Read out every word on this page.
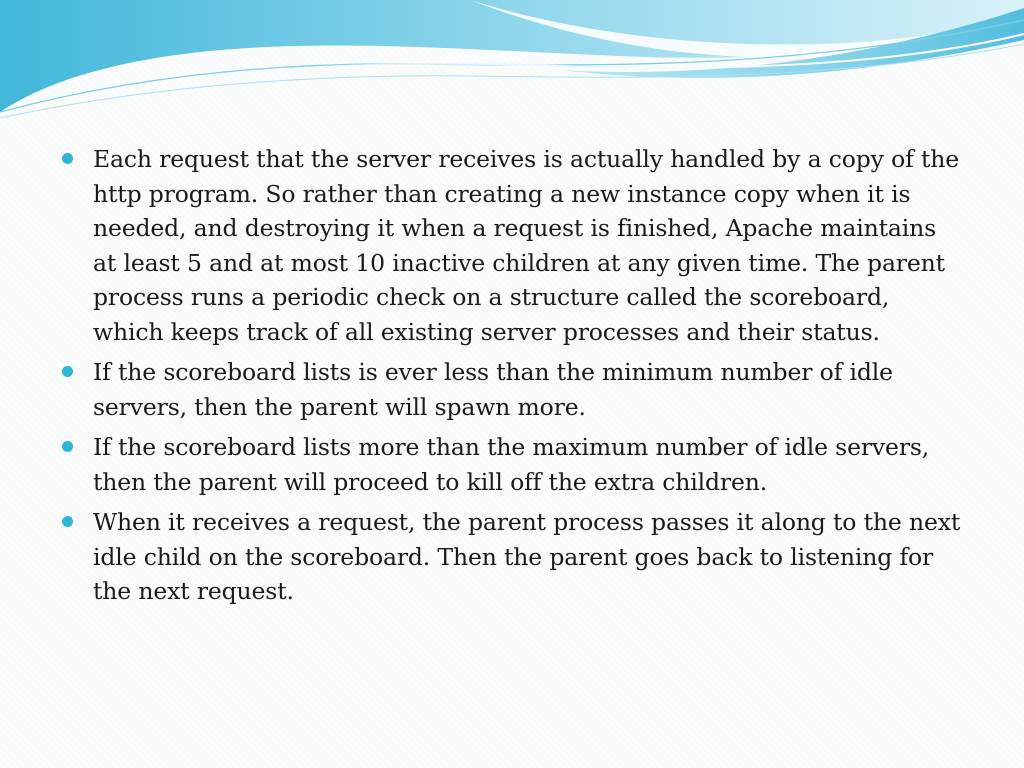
Each request that the server receives is actually handled by a copy of the http program. So rather than creating a new instance copy when it is needed, and destroying it when a request is finished, Apache maintains at least 5 and at most 10 inactive children at any given time. The parent process runs a periodic check on a structure called the scoreboard, which keeps track of all existing server processes and their status.
If the scoreboard lists is ever less than the minimum number of idle servers, then the parent will spawn more.
If the scoreboard lists more than the maximum number of idle servers, then the parent will proceed to kill off the extra children.
When it receives a request, the parent process passes it along to the next idle child on the scoreboard. Then the parent goes back to listening for the next request.
